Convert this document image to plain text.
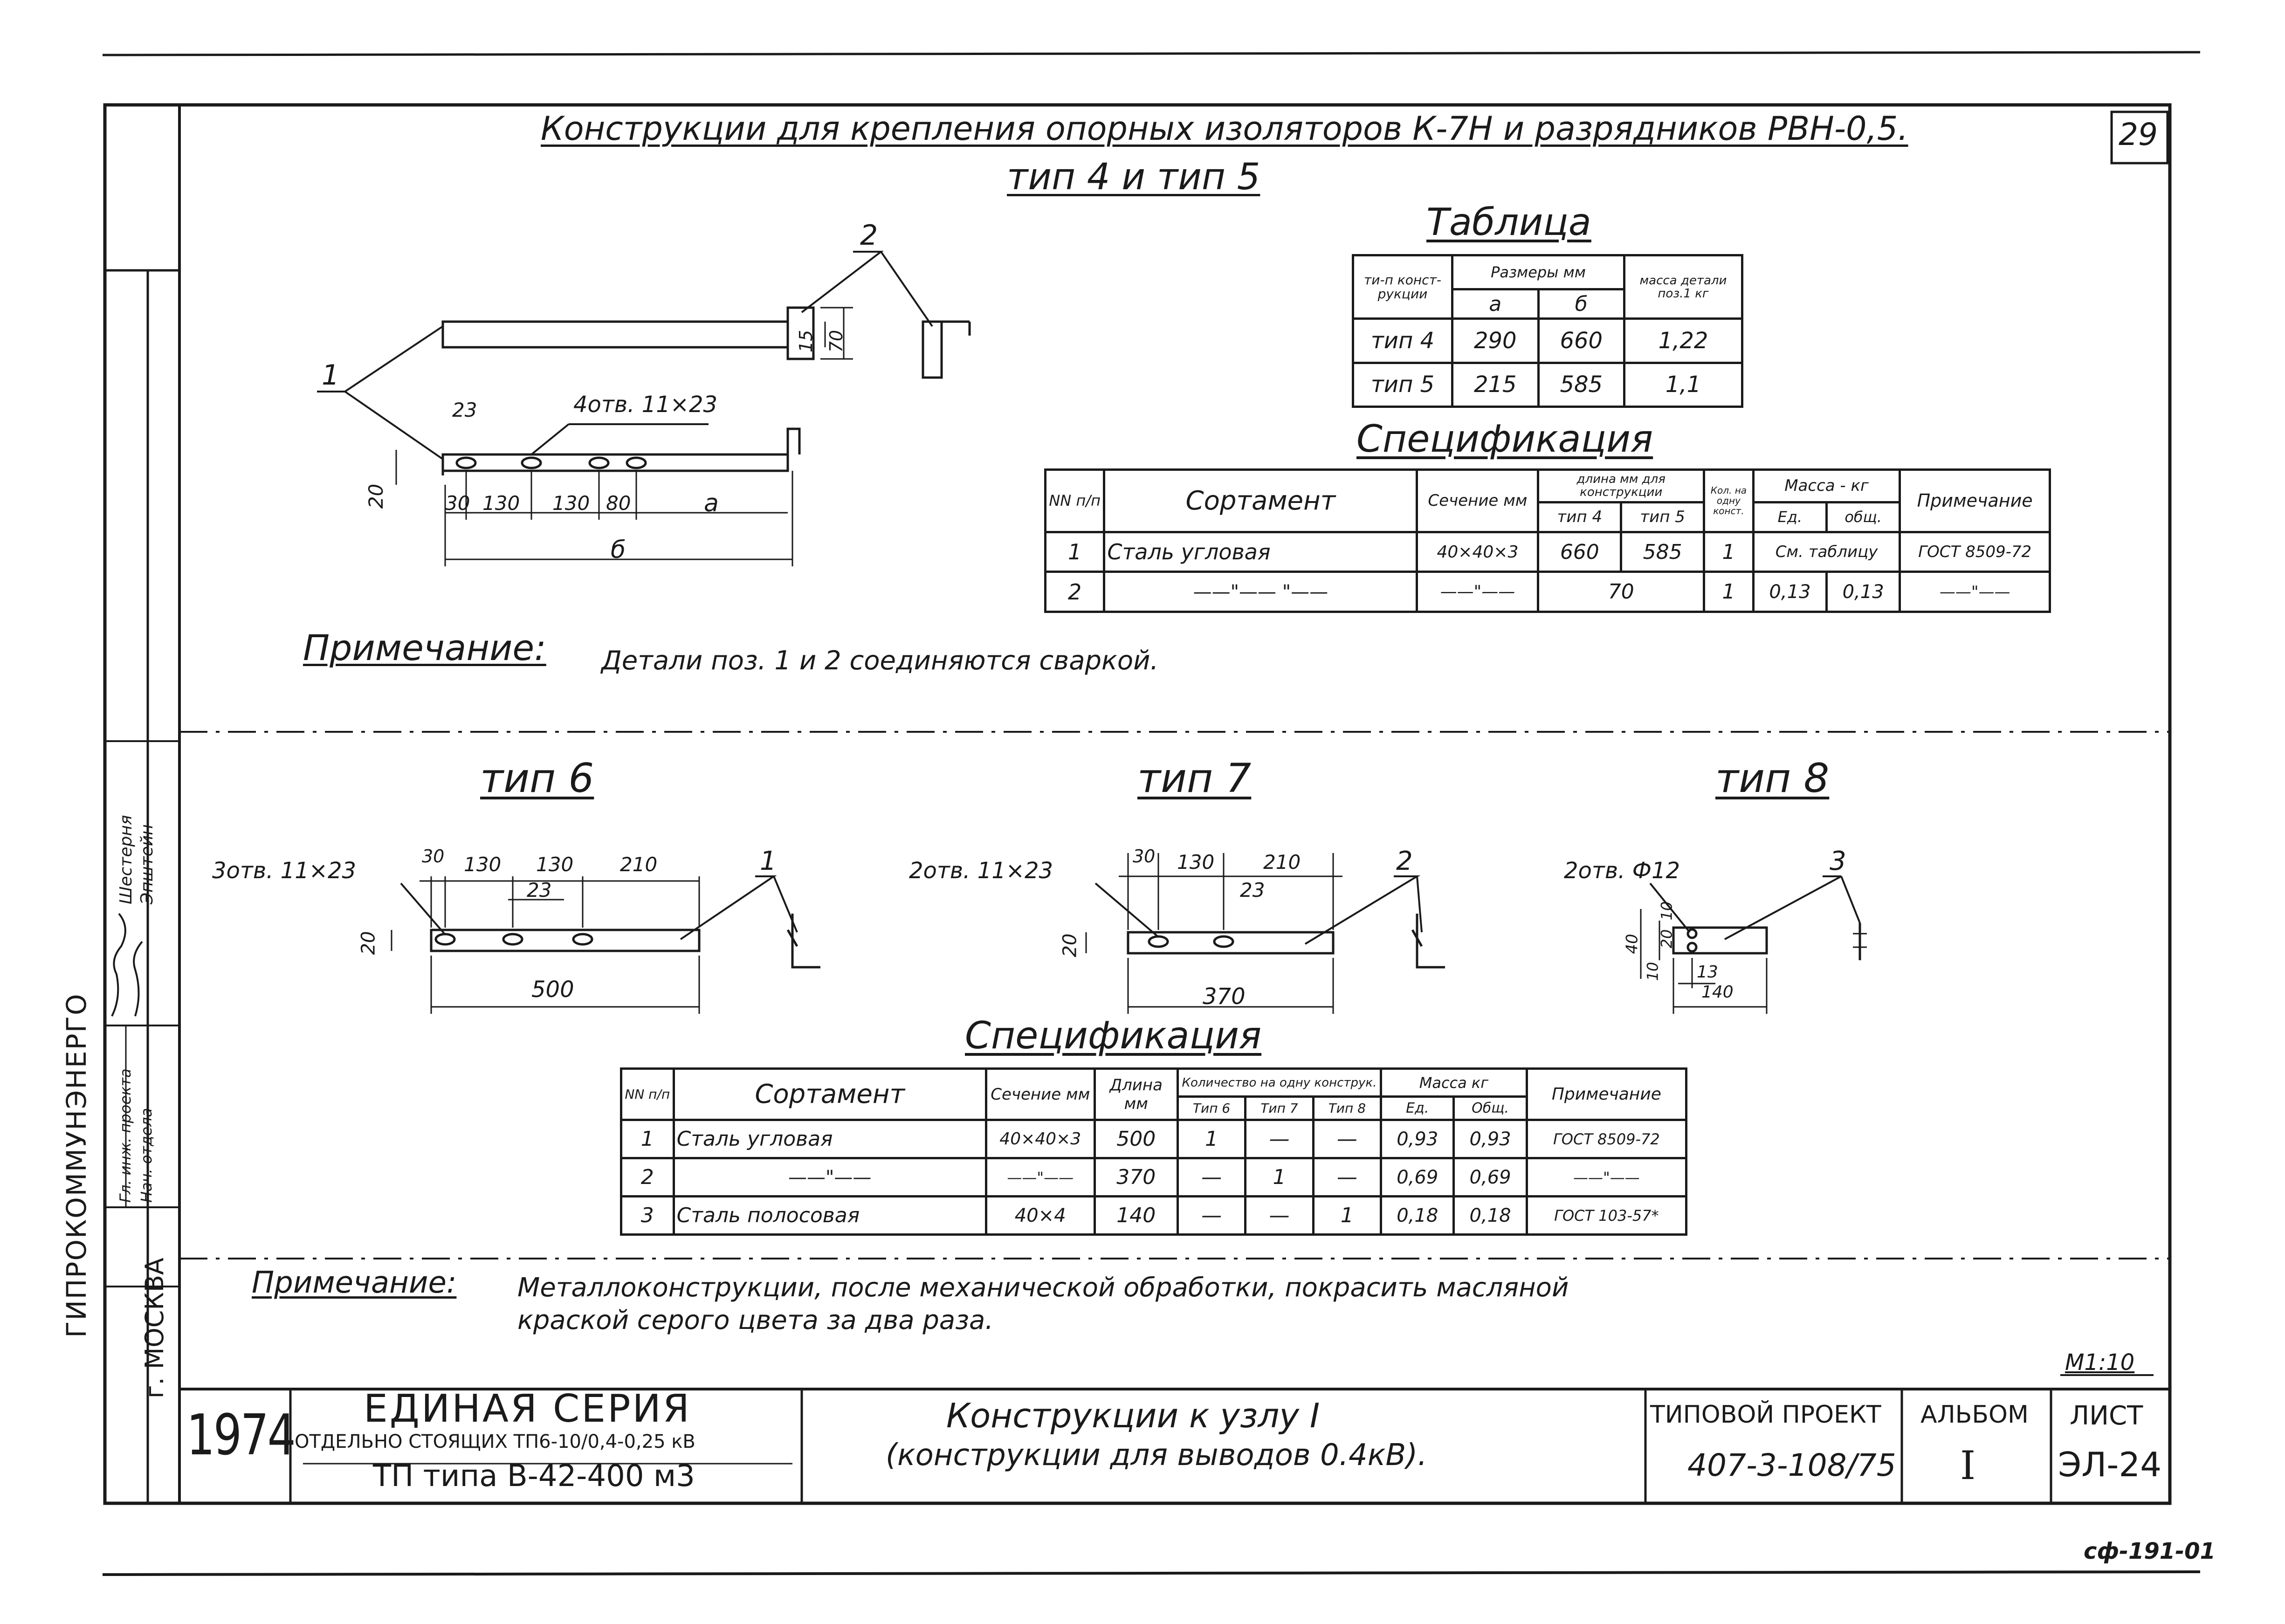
ГИПРОКОММУНЭНЕРГО г. МОСКВА
Гл. инж. проекта Нач. отдела
Шестерня Эпштейн
Конструкции для крепления опорных изоляторов К-7Н и разрядников РВН-0,5.
тип 4 и тип 5
29
1
2
4отв. 11×23
23
20
15 70
30 130 130 80	а
б
Таблица
ти-п конст-рукции	Размеры мм		масса детали поз.1 кг
	а	б	
тип 4	290	660	1,22
тип 5	215	585	1,1
Спецификация
NN п/п	Сортамент	Сечение мм	длина мм для конструкции		Кол. на одну конст.	Масса - кг		Примечание
			тип 4	тип 5		Ед.	общ.	
1	Сталь угловая	40×40×3	660	585	1	См. таблицу		ГОСТ 8509-72
2	——"—— "——	——"——	70		1	0,13	0,13	——"——
Примечание: Детали поз. 1 и 2 соединяются сваркой.
тип 6	тип 7	тип 8
3отв. 11×23	1
30 130 130 210
23
20
500
2отв. 11×23	2
30 130 210
23
20
370
2отв. Ф12	3
10
20
40
10 13
140
Спецификация
NN п/п	Сортамент	Сечение мм	Длина мм	Количество на одну конструк.			Масса кг		Примечание
				Тип 6	Тип 7	Тип 8	Ед.	Общ.	
1	Сталь угловая	40×40×3	500	1	—	—	0,93	0,93	ГОСТ 8509-72
2	——"——	——"——	370	—	1	—	0,69	0,69	——"——
3	Сталь полосовая	40×4	140	—	—	1	0,18	0,18	ГОСТ 103-57*
Примечание: Металлоконструкции, после механической обработки, покрасить масляной
краской серого цвета за два раза.
М1:10
1974 ЕДИНАЯ СЕРИЯ
ОТДЕЛЬНО СТОЯЩИХ ТП6-10/0,4-0,25 кВ
ТП типа В-42-400 м3
Конструкции к узлу I
(конструкции для выводов 0.4кВ).
ТИПОВОЙ ПРОЕКТ
407-3-108/75
АЛЬБОМ
I
ЛИСТ
ЭЛ-24
сф-191-01
